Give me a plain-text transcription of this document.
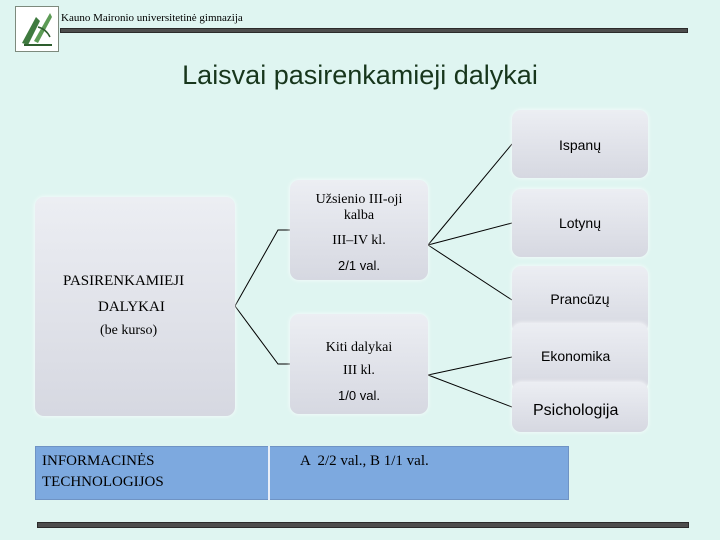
Kauno Maironio universitetinė gimnazija
Laisvai pasirenkamieji dalykai
PASIRENKAMIEJI
DALYKAI
(be kurso)
Užsienio III-oji
kalba
III–IV kl.
2/1 val.
Kiti dalykai
III kl.
1/0 val.
Ispanų
Lotynų
Prancūzų
Ekonomika
Psichologija
INFORMACINĖS
TECHNOLOGIJOS
A  2/2 val., B 1/1 val.
